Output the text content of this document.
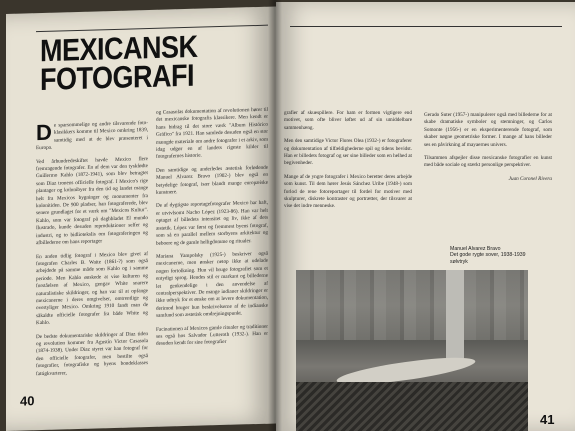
MEXICANSK
FOTOGRAFI

De sparsommelige og andre tilsvarende foto-klasikkers komme til Mexico omkring 1839, samtidig med at de blev præsenteret i Europa.

Ved århundredeskiftet havde Mexico flere fremragende fotografer. En af dem var den tyskfødte Guillermo Kahlo (1872-1941), som blev betragtet som Diaz tronens officielle fotograf. I Mexico's rige plantager og kolonibyer fra den tid og landet mange helt fra Mexicos bygninger og monumenter fra kolonitiden. De 900 pladser, han fotograferede, blev senere grundlaget for et værk om "Mexicos Kultur". Kahlo, som var fotograf på daghbladet El mundo Ilustrado, kunde desuden reproduktioner selfer og industri, og to bidliotekslis om fotograferingen og afbillederne om hans reportager

En anden tidlig fotograf i Mexico blev givet af fotografen Charles B. Waite (1861-?) som også arbejdede på samme måde som Kahlo og i samme periode. Men Kahlo ønskede at vise kulturen og forståelsen af Mexico, gengav White snarere naturalistiske skildringer, og han var til at opfange mexicanerne i deres omgivelser, omtrentlige og overtyliger Mexico. Omkring 1910 fandt man de såkaldte officielle fotografer fra både White og Kahlo.

De bedste dokumentariske skildringer af Diaz tiden og revolution kommer fra Agustín Victor Casasola (1874-1938). Under Diaz styret var han fotograf for den officielle fotografer, men bestilte også fotografier, fotografiske og byens bondeklasses fattigkvarterer,

og Casasolas dokumentation af revolutionen hører til det mexicanske fotografis klassikere. Men kendt er hans bidrag til det store værk "Album Histórico Gráfico" fra 1921. Han samlede desuden også en stor mængde materiale om andre fotografer i et arkiv, som idag udgør en af landets rigeste kilder til fotografernes historie.

Den samtidige og anderledes æstetisk forlødende Manuel Alvarez Bravo (1902-) blev også en betydelige fotograf, især blandt mange europæiske kunstnere.

De af dygtigste reportagefotografer Mexico har haft, er utvivlsomt Nacho López (1923-86). Han var helt optaget af billedets intensitet og liv, ikke af dets æstetik. López var først og fremmest byens fotograf, som så en parallel mellem storbyens arkitektur og beboere og de gamle helligdomme og ritualer.

Mariana Yampolsky (1925-) beskriver også mexicanerne, men ønsker netop ikke at udelade nogen fortolkning. Hun vil bruge fotografiet som et entydigt sprog. Hendes stil er markant og billederne let genkendelige i den anvendelse af centralperspektiver. De mange indianer skildringer er ikke udtryk for et ønske om at levere dokumentation, derimod bruger hun beskrivelserne af de indianske samfund som æstetisk omdrejningspunkt.

Facinationen af Mexicos gamle ritualer og traditioner ses også hos Salvador Lutteroth (1932-). Han er desuden kendt for sine fotografier

40

grafier af skuespillere. For ham er formen vigtigere end motivet, som ofte bliver løftet ud af sin umiddelbare sammenhæng.

Men den samtidige Victor Flores Olea (1932-) er fotograferer og dokumentation af tilfældighederne spil og tidens bevidst. Han er billedets fotograf og ser sine billeder som en helhed at begivenheder.

Mange af de yngre fotografer i Mexico beretter deres arbejde som kunst. Til dem hører Jesús Sánchez Uribe (1948-) som forlod de rene fotoreportager til fordel for motiver med skulpturer, diskrete kontraster og portrætter, der tilsvarer at vise det indre menneske.

Gerado Suter (1957-) manipulerer også med billederne for at skabe dramatiske symboler og stemninger, og Carlos Somonte (1956-) er en eksperimenterende fotograf, som skaber nøgne geometriske former. I mange af hans billeder ses en påvirkning af mayaernes univers.

Tilsammen afspejler disse mexicanske fotografier en kunst med både sociale og stærkt personlige perspektiver.

Juan Coronel Rivera

Manuel Alvarez Bravo
Det gode rygte sover, 1938-1939
sølvtryk
41
